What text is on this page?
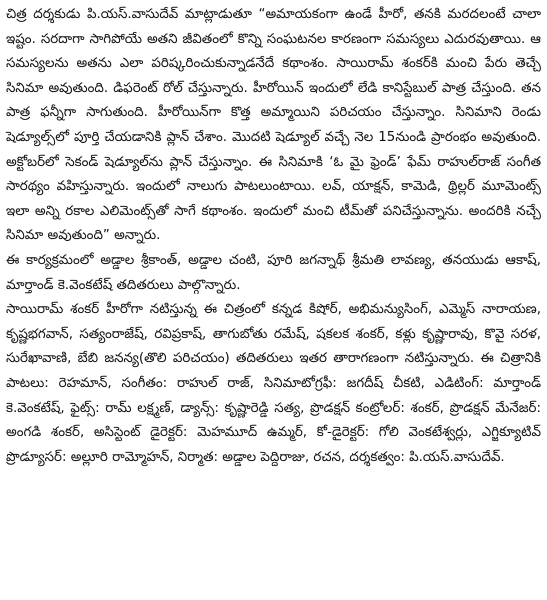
చిత్ర దర్శకుడు పి.యస్.వాసుదేవ్ మాట్లాడుతూ “అమాయకంగా ఉండే హీరో, తనకి మరదలంటే చాలా ఇష్టం. సరదాగా సాగిపోయే అతని జీవితంలో కొన్ని సంఘటనల కారణంగా సమస్యలు ఎదురవుతాయి. ఆ సమస్యలను అతను ఎలా పరిష్కరించుకున్నాడనేదే కథాంశం. సాయిరామ్ శంకర్‌కి మంచి పేరు తెచ్చే సినిమా అవుతుంది. డిఫరెంట్ రోల్ చేస్తున్నారు. హీరోయిన్ ఇందులో లేడి కానిస్టేబుల్ పాత్ర చేస్తుంది. తన పాత్ర ఫన్నీగా సాగుతుంది. హీరోయిన్‌గా కొత్త అమ్మాయిని పరిచయం చేస్తున్నాం. సినిమాని రెండు షెడ్యూల్స్‌లో పూర్తి చేయడానికి ప్లాన్ చేశాం. మొదటి షెడ్యూల్ వచ్చే నెల 15నుండి ప్రారంభం అవుతుంది. అక్టోబర్‌లో సెకండ్ షెడ్యూల్‌ను ప్లాన్ చేస్తున్నాం. ఈ సినిమాకి ‘ఓ మై ఫ్రెండ్’ ఫేమ్ రాహుల్‌రాజ్ సంగీత సారథ్యం వహిస్తున్నారు. ఇందులో నాలుగు పాటలుంటాయి. లవ్, యాక్షన్, కామెడి, థ్రిల్లర్ మూమెంట్స్ ఇలా అన్ని రకాల ఎలిమెంట్స్‌తో సాగే కథాంశం. ఇందులో మంచి టీమ్‌తో పనిచేస్తున్నాను. అందరికి నచ్చే సినిమా అవుతుంది” అన్నారు.

ఈ కార్యక్రమంలో అడ్డాల శ్రీకాంత్, అడ్డాల చంటి, పూరి జగన్నాథ్ శ్రీమతి లావణ్య, తనయుడు ఆకాష్, మార్తాండ్ కె.వెంకటేష్ తదితరులు పాల్గొన్నారు.

సాయిరామ్ శంకర్ హీరోగా నటిస్తున్న ఈ చిత్రంలో కన్నడ కిషోర్, అభిమన్యుసింగ్, ఎమ్మెస్ నారాయణ, కృష్ణభగవాన్, సత్యంరాజేష్, రవిప్రకాష్, తాగుబోతు రమేష్, షకలక శంకర్, కళ్లు కృష్ణారావు, కొవై సరళ, సురేఖావాణి, బేబి జనన్య(తొలి పరిచయం) తదితరులు ఇతర తారాగణంగా నటిస్తున్నారు. ఈ చిత్రానికి పాటలు: రెహమాన్, సంగీతం: రాహుల్ రాజ్, సినిమాటోగ్రఫీ: జగదీష్ చీకటి, ఎడిటింగ్: మార్తాండ్ కె.వెంకటేష్, ఫైట్స్: రామ్ లక్ష్మణ్, డ్యాన్స్: కృష్ణారెడ్డి సత్య, ప్రొడక్షన్ కంట్రోలర్: శంకర్, ప్రొడక్షన్ మేనేజర్: అంగడి శంకర్, అసిస్టెంట్ డైరెక్టర్: మెహమూద్ ఉమ్మర్, కో-డైరెక్టర్: గోలి వెంకటేశ్వర్లు, ఎగ్జిక్యూటివ్ ప్రొడ్యూసర్: అల్లూరి రామ్మోహన్, నిర్మాత: అడ్డాల పెద్దిరాజు, రచన, దర్శకత్వం: పి.యస్.వాసుదేవ్.
